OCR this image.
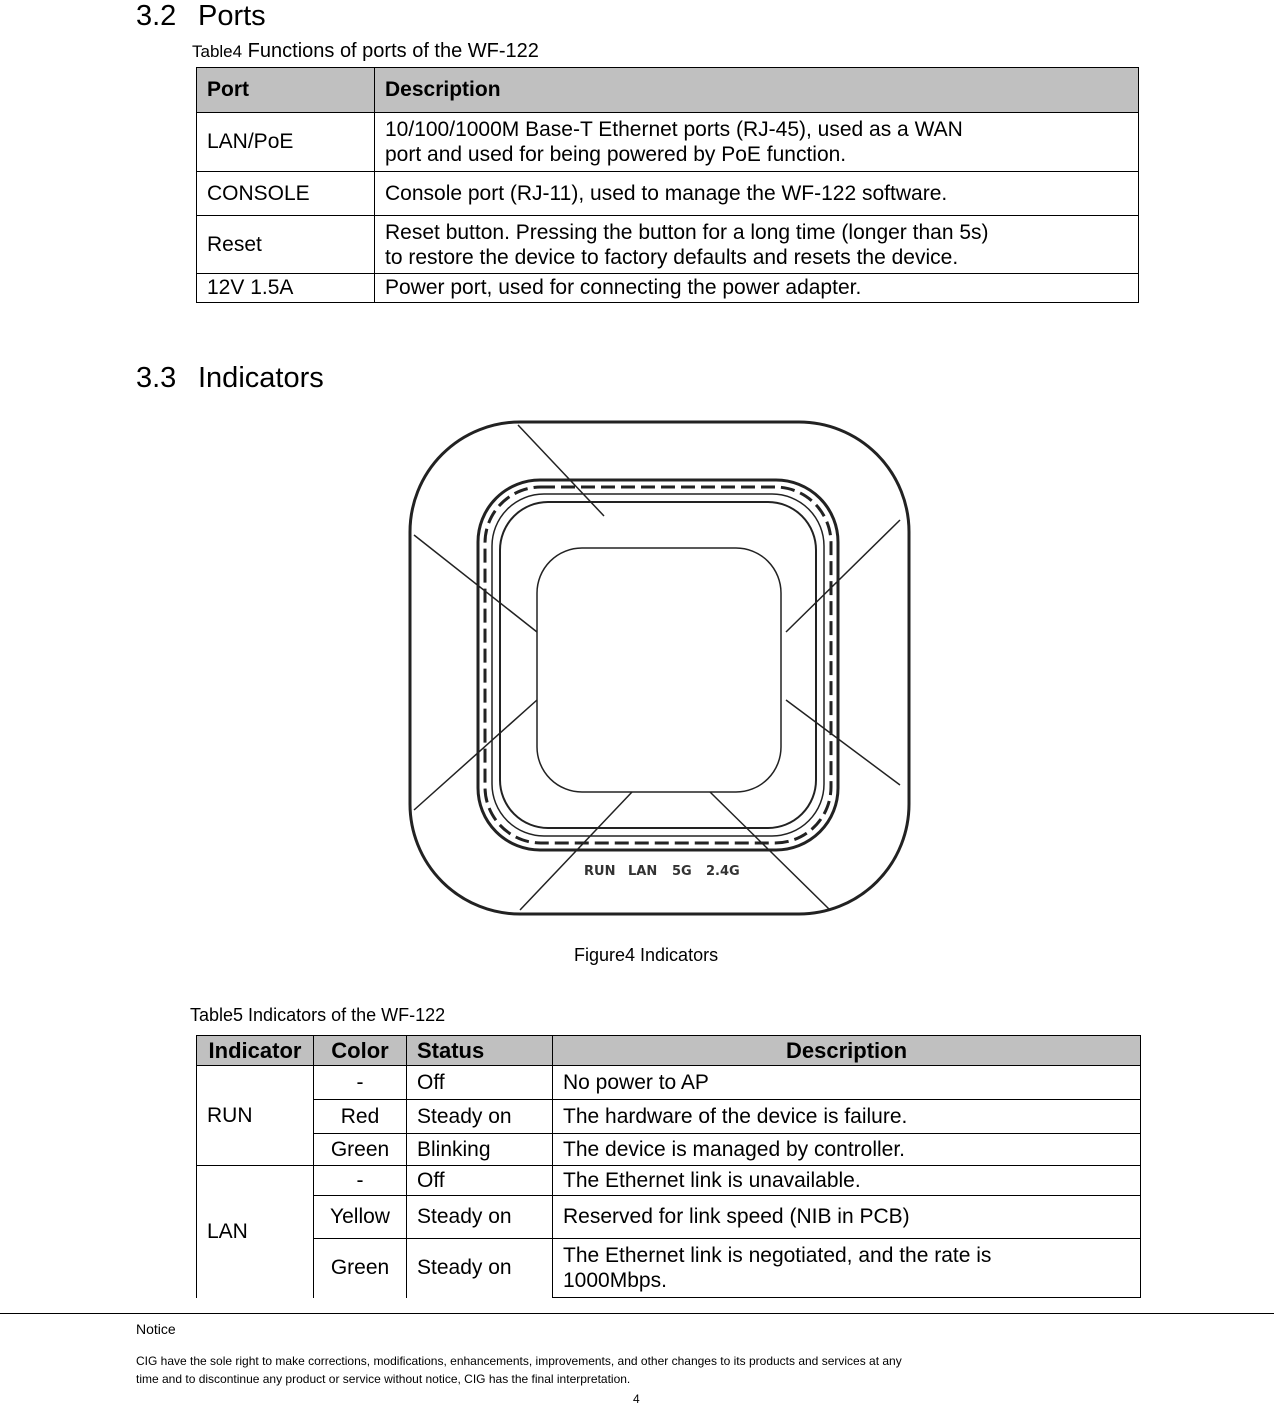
3.2 Ports
Table4 Functions of ports of the WF-122
Port	Description
LAN/PoE	10/100/1000M Base-T Ethernet ports (RJ-45), used as a WAN
port and used for being powered by PoE function.

CONSOLE	Console port (RJ-11), used to manage the WF-122 software.
Reset	Reset button. Pressing the button for a long time (longer than 5s)
to restore the device to factory defaults and resets the device.

12V 1.5A	Power port, used for connecting the power adapter.
3.3 Indicators
RUN LAN 5G 2.4G
Figure4 Indicators
Table5 Indicators of the WF-122
Indicator	Color	Status	Description
RUN	-	Off	No power to AP
	Red	Steady on	The hardware of the device is failure.
	Green	Blinking	The device is managed by controller.
LAN	-	Off	The Ethernet link is unavailable.
	Yellow	Steady on	Reserved for link speed (NIB in PCB)
	Green	Steady on	The Ethernet link is negotiated, and the rate is
1000Mbps.
Notice
CIG have the sole right to make corrections, modifications, enhancements, improvements, and other changes to its products and services at any
time and to discontinue any product or service without notice, CIG has the final interpretation.
4
